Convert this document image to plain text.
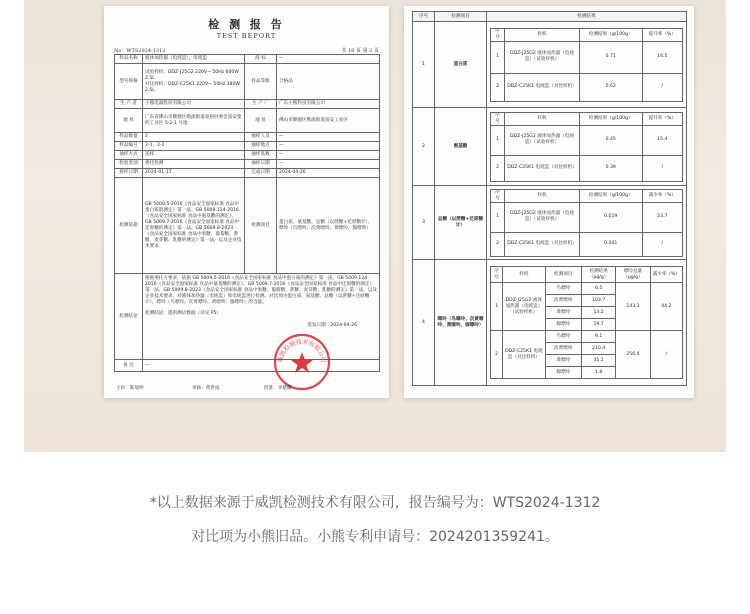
检 测 报 告
TEST REPORT
No：WTS2024-1312	共 10 页 第 2 页
样品名称	液体加热器（电炖盅），电炖盅	商 标	—
型号规格	试验样机：DDZ-J25G2 220V~ 50Hz 600W 2.5L
对比样机：DDZ-C25K1 220V~ 50Hz 380W 2.5L	样品等级	合格品
生 产 者	小熊电器股份有限公司	生 产 厂	广东小熊科技有限公司
地 址	广东省佛山市顺德区勒流街道富裕村委会富安集约工业区 5-2-1 号地	地 址	佛山市顺德区勒流街道富安工业区
样品数量	2	抽样人员	—
样品编号	2-1、2-2	抽样地点	—
抽样方式	送样	抽样基数	—
检验类别	委托检测	抽样日期	—
接样日期	2024-01-17	完成日期	2024-04-26
检测依据	GB 5009.5-2016《食品安全国家标准 食品中蛋白质的测定》第一法、GB 5009.124-2016《食品安全国家标准 食品中氨基酸的测定》、GB 5009.7-2016《食品安全国家标准 食品中还原糖的测定》第一法、GB 5009.8-2023《食品安全国家标准 食品中果糖、葡萄糖、蔗糖、麦芽糖、乳糖的测定》第一法，以及企业技术要求	检测项目	蛋白质、氨基酸、总糖（以蔗糖+还原糖计）、嘌呤（鸟嘌呤、次黄嘌呤、黄嘌呤、腺嘌呤）
检测结论	根据委托方要求，依据 GB 5009.5-2016《食品安全国家标准 食品中蛋白质的测定》第一法、GB 5009.124-2016《食品安全国家标准 食品中氨基酸的测定》、GB 5009.7-2016《食品安全国家标准 食品中还原糖的测定》第一法、GB 5009.8-2023《食品安全国家标准 食品中果糖、葡萄糖、蔗糖、麦芽糖、乳糖的测定》第一法，以及企业技术要求，对液体加热器（电炖盅）和电炖盅进行检测。对比项为蛋白质、氨基酸、总糖（以蔗糖+还原糖计）、嘌呤（鸟嘌呤、次黄嘌呤、黄嘌呤、腺嘌呤）的含量。
检测结论：提供测试数据（详见 P5）
签发日期：2024-04-26		

备 注	—		
威凯检测技术有限公司
主检：陈瑞坤	审核：黄世成	批准：李楚麟
序号	检测项目	检测结果
1	蛋白质	
序号	样机	检测结果（g/100g）	提升率（%）
1	DDZ-J25G2 液体加热器（电炖盅）（试验样机）	0.71	14.5
2	DDZ-C25K1 电炖盅（对比样机）	0.62	/

2	氨基酸	
序号	样机	检测结果（g/100g）	提升率（%）
1	DDZ-J25G2 液体加热器（电炖盅）（试验样机）	0.45	15.4
2	DDZ-C25K1 电炖盅（对比样机）	0.39	/

3	总糖（以蔗糖+还原糖计）	
序号	样机	检测结果（g/100g）	减少率（%）
1	DDZ-J25G2 液体加热器（电炖盅）（试验样机）	0.019	53.7
2	DDZ-C25K1 电炖盅（对比样机）	0.041	/

4	嘌呤（鸟嘌呤、次黄嘌呤、黄嘌呤、腺嘌呤）	
序号	样机	检测项目	检测结果（μg/g）	嘌呤总量（μg/g）	减少率（%）
1	DDZ-J25G2 液体加热器（电炖盅）（试验样机）	鸟嘌呤	6.5	143.1	44.2
次黄嘌呤	103.7
黄嘌呤	13.2
腺嘌呤	19.7
2	DDZ-C25K1 电炖盅（对比样机）	鸟嘌呤	9.1	256.4	/
次黄嘌呤	210.4
黄嘌呤	35.1
腺嘌呤	1.8
*以上数据来源于威凯检测技术有限公司，报告编号为：WTS2024-1312
对比项为小熊旧品。小熊专利申请号：2024201359241。
